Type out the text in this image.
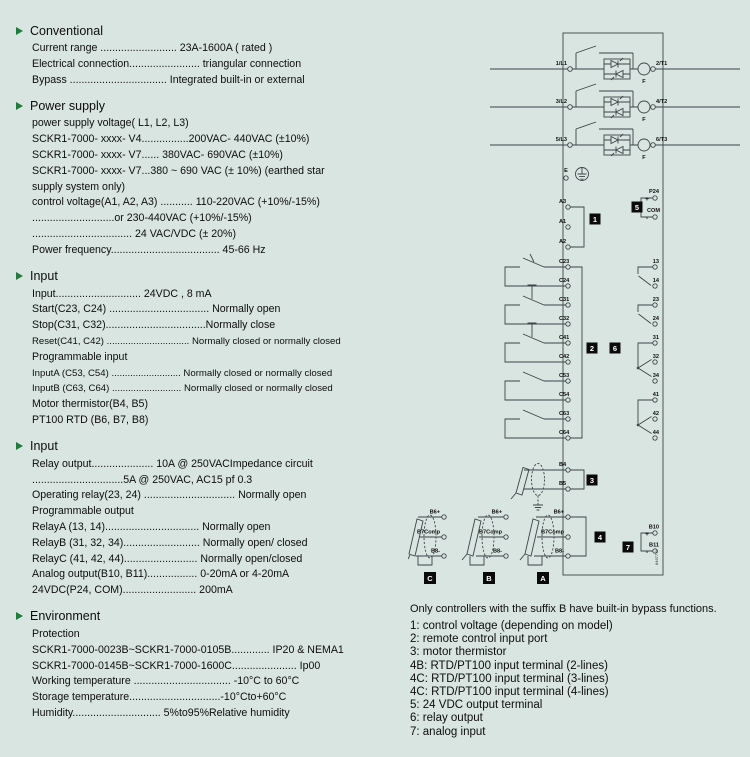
Conventional
Current range .......................... 23A-1600A ( rated )
Electrical connection........................ triangular connection
Bypass ................................. Integrated built-in or external
Power supply
power supply voltage( L1, L2, L3)
SCKR1-7000- xxxx- V4................200VAC- 440VAC (±10%)
SCKR1-7000- xxxx- V7...... 380VAC- 690VAC (±10%)
SCKR1-7000- xxxx- V7...380 ~ 690 VAC (± 10%) (earthed star
supply system only)
control voltage(A1, A2, A3) ........... 110-220VAC (+10%/-15%)
............................or 230-440VAC (+10%/-15%)
.................................. 24 VAC/VDC (± 20%)
Power frequency..................................... 45-66 Hz
Input
Input............................. 24VDC , 8 mA
Start(C23, C24) .................................. Normally open
Stop(C31, C32)..................................Normally close
Reset(C41, C42) ............................... Normally closed or normally closed
Programmable input
InputA (C53, C54) .......................... Normally closed or normally closed
InputB (C63, C64) .......................... Normally closed or normally closed
Motor thermistor(B4, B5)
PT100 RTD (B6, B7, B8)
Input
Relay output..................... 10A @ 250VACImpedance circuit
...............................5A @ 250VAC, AC15 pf 0.3
Operating relay(23, 24) ............................... Normally open
Programmable output
RelayA (13, 14)................................ Normally open
RelayB (31, 32, 34).......................... Normally open/ closed
RelayC (41, 42, 44)......................... Normally open/closed
Analog output(B10, B11)................. 0-20mA or 4-20mA
24VDC(P24, COM)......................... 200mA
Environment
Protection
SCKR1-7000-0023B~SCKR1-7000-0105B............. IP20 & NEMA1
SCKR1-7000-0145B~SCKR1-7000-1600C...................... Ip00
Working temperature ................................. -10°C to 60°C
Storage temperature...............................-10°Cto+60°C
Humidity.............................. 5%to95%Relative humidity
1/L1	2/T1
F
3/L2	4/T2
F
5/L3	6/T3
F
E
A3
A1
A2
1
P24
+
COM
-
5
2
C23
C24
C31
C32
C41
C42
C53
C54
C63
C64
6
13
14
23
24
31
32
34
41
42
44
B4
B5	3
B6+
B7Comp
B8-
4
B6+
B7Comp
B8-
B6+
B7Comp
B8-
B10
+
B11
-
7
C	B	A
84677.B
Only controllers with the suffix B have built-in bypass functions.
1: control voltage (depending on model)
2: remote control input port
3: motor thermistor
4B: RTD/PT100 input terminal (2-lines)
4C: RTD/PT100 input terminal (3-lines)
4C: RTD/PT100 input terminal (4-lines)
5: 24 VDC output terminal
6: relay output
7: analog input
